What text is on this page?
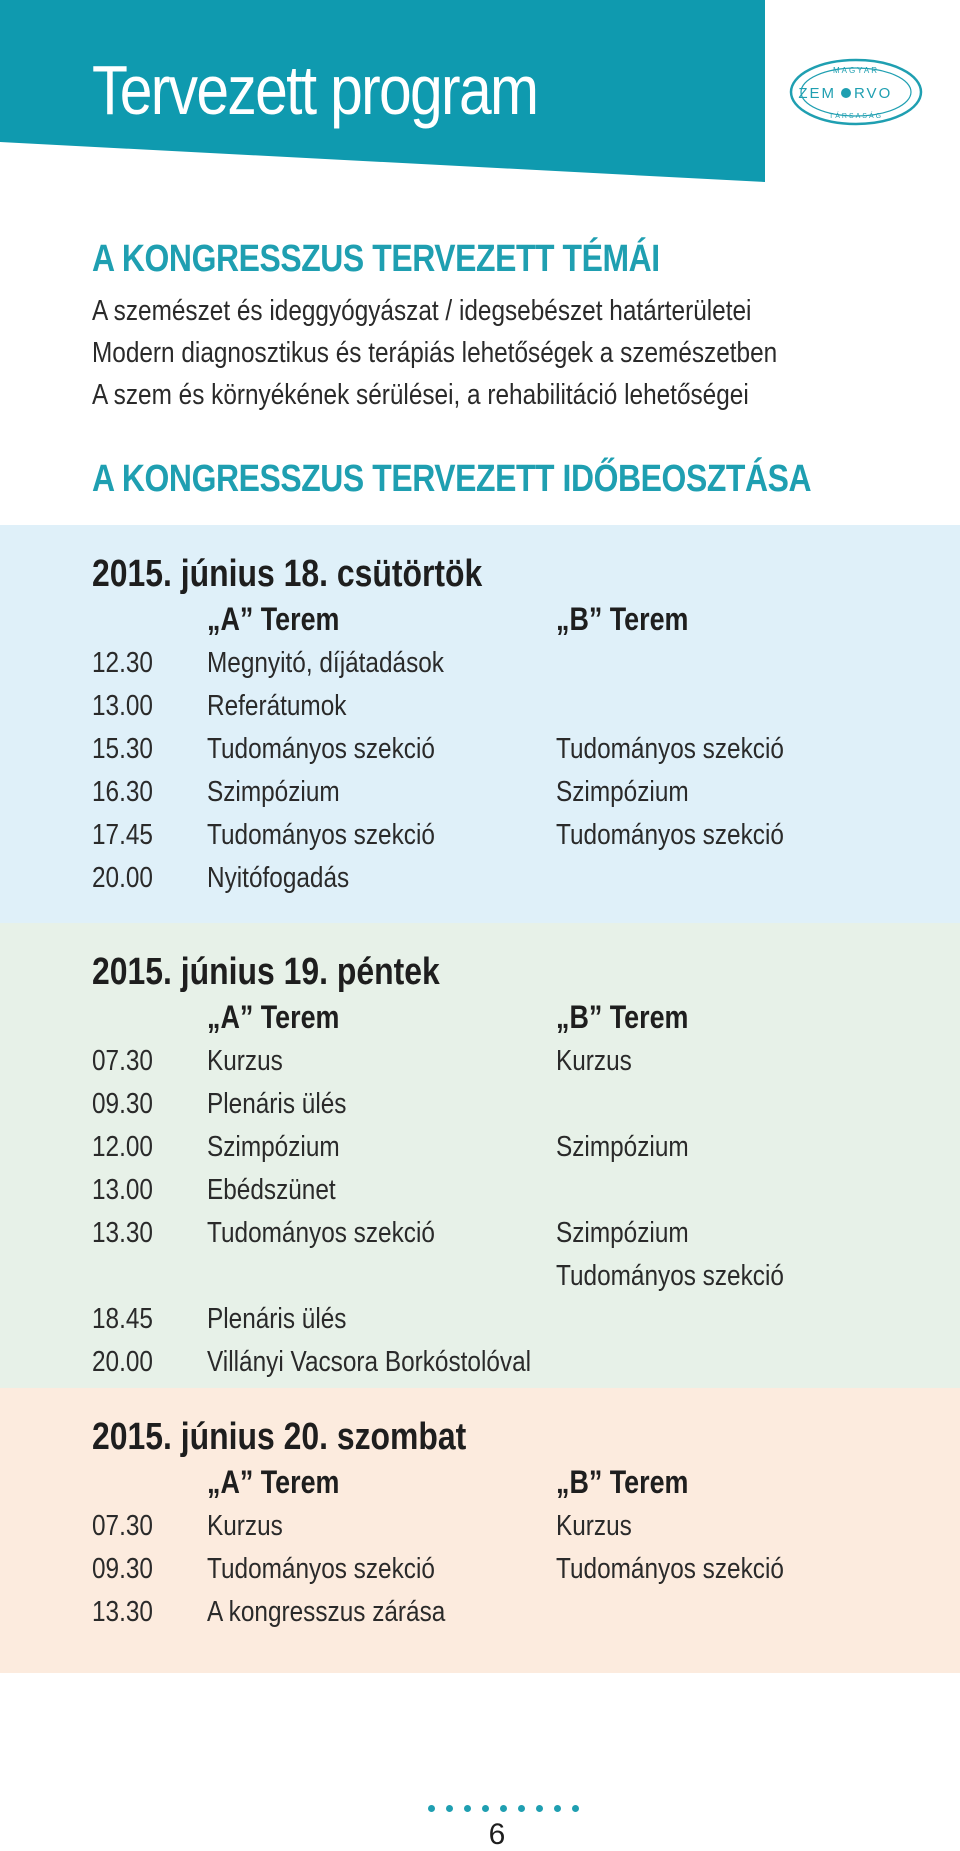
Tervezett program	MAGYAR
ZEM RVO
TÁRSASÁG
A KONGRESSZUS TERVEZETT TÉMÁI
A szemészet és ideggyógyászat / idegsebészet határterületei
Modern diagnosztikus és terápiás lehetőségek a szemészetben
A szem és környékének sérülései, a rehabilitáció lehetőségei
A KONGRESSZUS TERVEZETT IDŐBEOSZTÁSA
2015. június 18. csütörtök
„A” Terem	„B” Terem
12.30 Megnyitó, díjátadások
13.00 Referátumok
15.30 Tudományos szekció	Tudományos szekció
16.30 Szimpózium	Szimpózium
17.45 Tudományos szekció	Tudományos szekció
20.00 Nyitófogadás
2015. június 19. péntek
„A” Terem	„B” Terem
07.30 Kurzus	Kurzus
09.30 Plenáris ülés
12.00 Szimpózium	Szimpózium
13.00 Ebédszünet
13.30 Tudományos szekció	Szimpózium
Tudományos szekció
18.45 Plenáris ülés
20.00 Villányi Vacsora Borkóstolóval
2015. június 20. szombat
„A” Terem	„B” Terem
07.30 Kurzus	Kurzus
09.30 Tudományos szekció	Tudományos szekció
13.30 A kongresszus zárása
6
